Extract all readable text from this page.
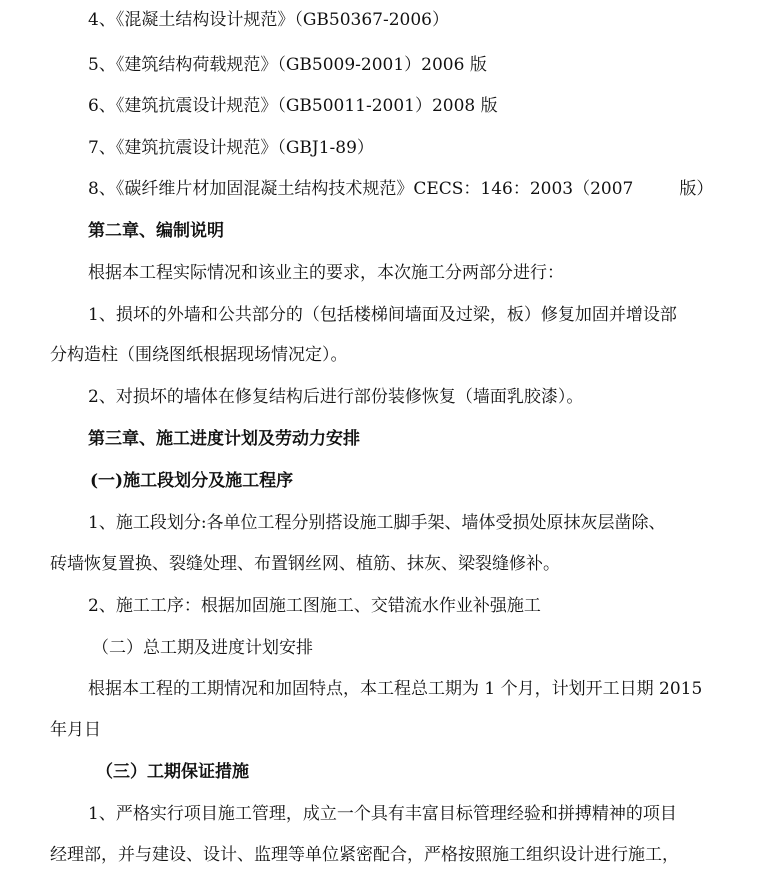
4、《混凝土结构设计规范》（GB50367-2006）
5、《建筑结构荷载规范》（GB5009-2001）2006 版
6、《建筑抗震设计规范》（GB50011-2001）2008 版
7、《建筑抗震设计规范》（GBJ1-89）
8、《碳纤维片材加固混凝土结构技术规范》CECS：146：2003（2007	版）
第二章、编制说明
根据本工程实际情况和该业主的要求，本次施工分两部分进行：
1、损坏的外墙和公共部分的（包括楼梯间墙面及过梁，板）修复加固并增设部
分构造柱（围绕图纸根据现场情况定）。
2、对损坏的墙体在修复结构后进行部份装修恢复（墙面乳胶漆）。
第三章、施工进度计划及劳动力安排
(一)施工段划分及施工程序
1、施工段划分:各单位工程分别搭设施工脚手架、墙体受损处原抹灰层凿除、
砖墙恢复置换、裂缝处理、布置钢丝网、植筋、抹灰、梁裂缝修补。
2、施工工序：根据加固施工图施工、交错流水作业补强施工
（二）总工期及进度计划安排
根据本工程的工期情况和加固特点，本工程总工期为 1 个月，计划开工日期 2015
年月日
（三）工期保证措施
1、严格实行项目施工管理，成立一个具有丰富目标管理经验和拼搏精神的项目
经理部，并与建设、设计、监理等单位紧密配合，严格按照施工组织设计进行施工，
